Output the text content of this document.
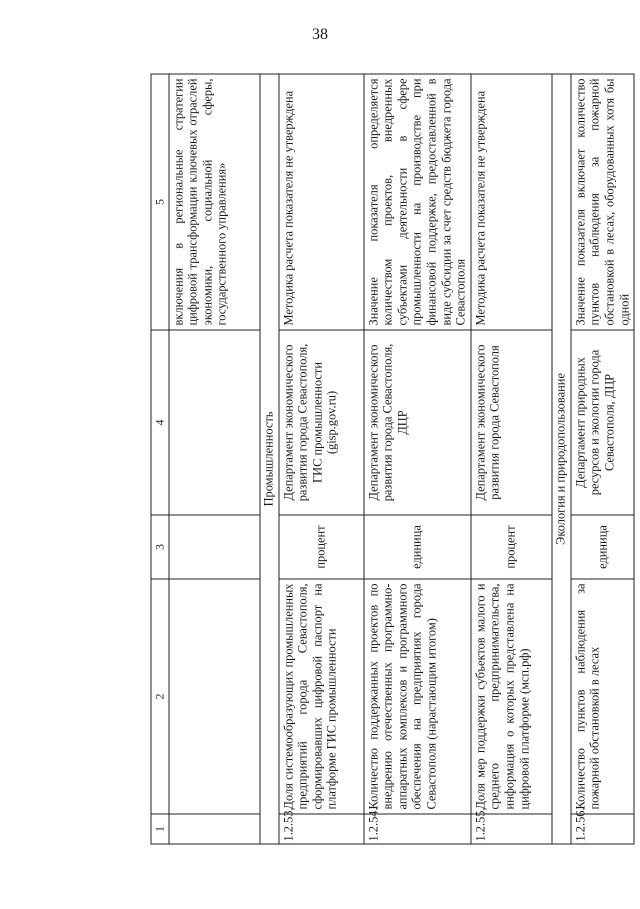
38
1	2	3	4	5
				включения в региональные стратегии цифровой трансформации ключевых отраслей экономики, социальной сферы, государственного управления»
Промышленность				
1.2.53.	Доля системообразующих промышленных предприятий города Севастополя, сформировавших цифровой паспорт на платформе ГИС промышленности	процент	Департамент экономического развития города Севастополя, ГИС промышленности (gisp.gov.ru)	Методика расчета показателя не утверждена
1.2.54.	Количество поддержанных проектов по внедрению отечественных программно-аппаратных комплексов и программного обеспечения на предприятиях города Севастополя (нарастающим итогом)	единица	Департамент экономического развития города Севастополя, ДЦР	Значение показателя определяется количеством проектов, внедренных субъектами деятельности в сфере промышленности на производстве при финансовой поддержке, предоставленной в виде субсидии за счет средств бюджета города Севастополя
1.2.55.	Доля мер поддержки субъектов малого и среднего предпринимательства, информация о которых представлена на цифровой платформе (мсп.рф)	процент	Департамент экономического развития города Севастополя	Методика расчета показателя не утверждена
Экология и природопользование				
1.2.56.	Количество пунктов наблюдения за пожарной обстановкой в лесах	единица	Департамент природных ресурсов и экологии города Севастополя, ДЦР	Значение показателя включает количество пунктов наблюдения за пожарной обстановкой в лесах, оборудованных хотя бы одной
